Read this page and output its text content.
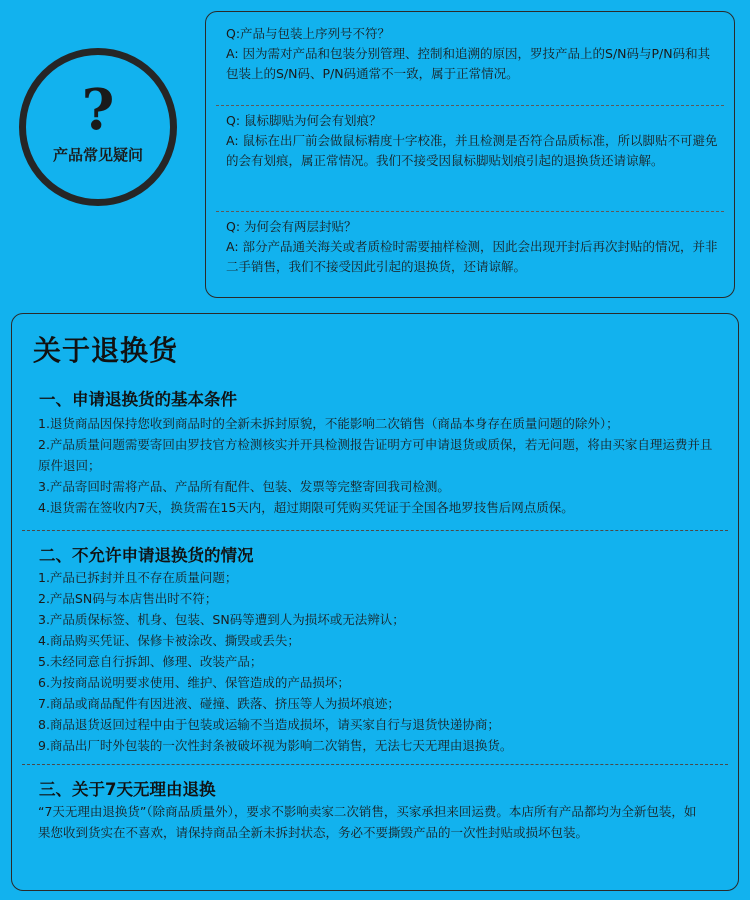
?
产品常见疑问
Q:产品与包装上序列号不符？
A: 因为需对产品和包装分别管理、控制和追溯的原因，罗技产品上的S/N码与P/N码和其包装上的S/N码、P/N码通常不一致，属于正常情况。
Q: 鼠标脚贴为何会有划痕？
A: 鼠标在出厂前会做鼠标精度十字校准，并且检测是否符合品质标准，所以脚贴不可避免的会有划痕，属正常情况。我们不接受因鼠标脚贴划痕引起的退换货还请谅解。
Q: 为何会有两层封贴？
A: 部分产品通关海关或者质检时需要抽样检测，因此会出现开封后再次封贴的情况，并非二手销售，我们不接受因此引起的退换货，还请谅解。
关于退换货
一、申请退换货的基本条件
1.退货商品因保持您收到商品时的全新未拆封原貌，不能影响二次销售（商品本身存在质量问题的除外）；
2.产品质量问题需要寄回由罗技官方检测核实并开具检测报告证明方可申请退货或质保，若无问题，将由买家自理运费并且原件退回；
3.产品寄回时需将产品、产品所有配件、包装、发票等完整寄回我司检测。
4.退货需在签收内7天，换货需在15天内，超过期限可凭购买凭证于全国各地罗技售后网点质保。
二、不允许申请退换货的情况
1.产品已拆封并且不存在质量问题；
2.产品SN码与本店售出时不符；
3.产品质保标签、机身、包装、SN码等遭到人为损坏或无法辨认；
4.商品购买凭证、保修卡被涂改、撕毁或丢失；
5.未经同意自行拆卸、修理、改装产品；
6.为按商品说明要求使用、维护、保管造成的产品损坏；
7.商品或商品配件有因进液、碰撞、跌落、挤压等人为损坏痕迹；
8.商品退货返回过程中由于包装或运输不当造成损坏，请买家自行与退货快递协商；
9.商品出厂时外包装的一次性封条被破坏视为影响二次销售，无法七天无理由退换货。
三、关于7天无理由退换

“7天无理由退换货”（除商品质量外），要求不影响卖家二次销售，买家承担来回运费。本店所有产品都均为全新包装，如果您收到货实在不喜欢，请保持商品全新未拆封状态，务必不要撕毁产品的一次性封贴或损坏包装。
